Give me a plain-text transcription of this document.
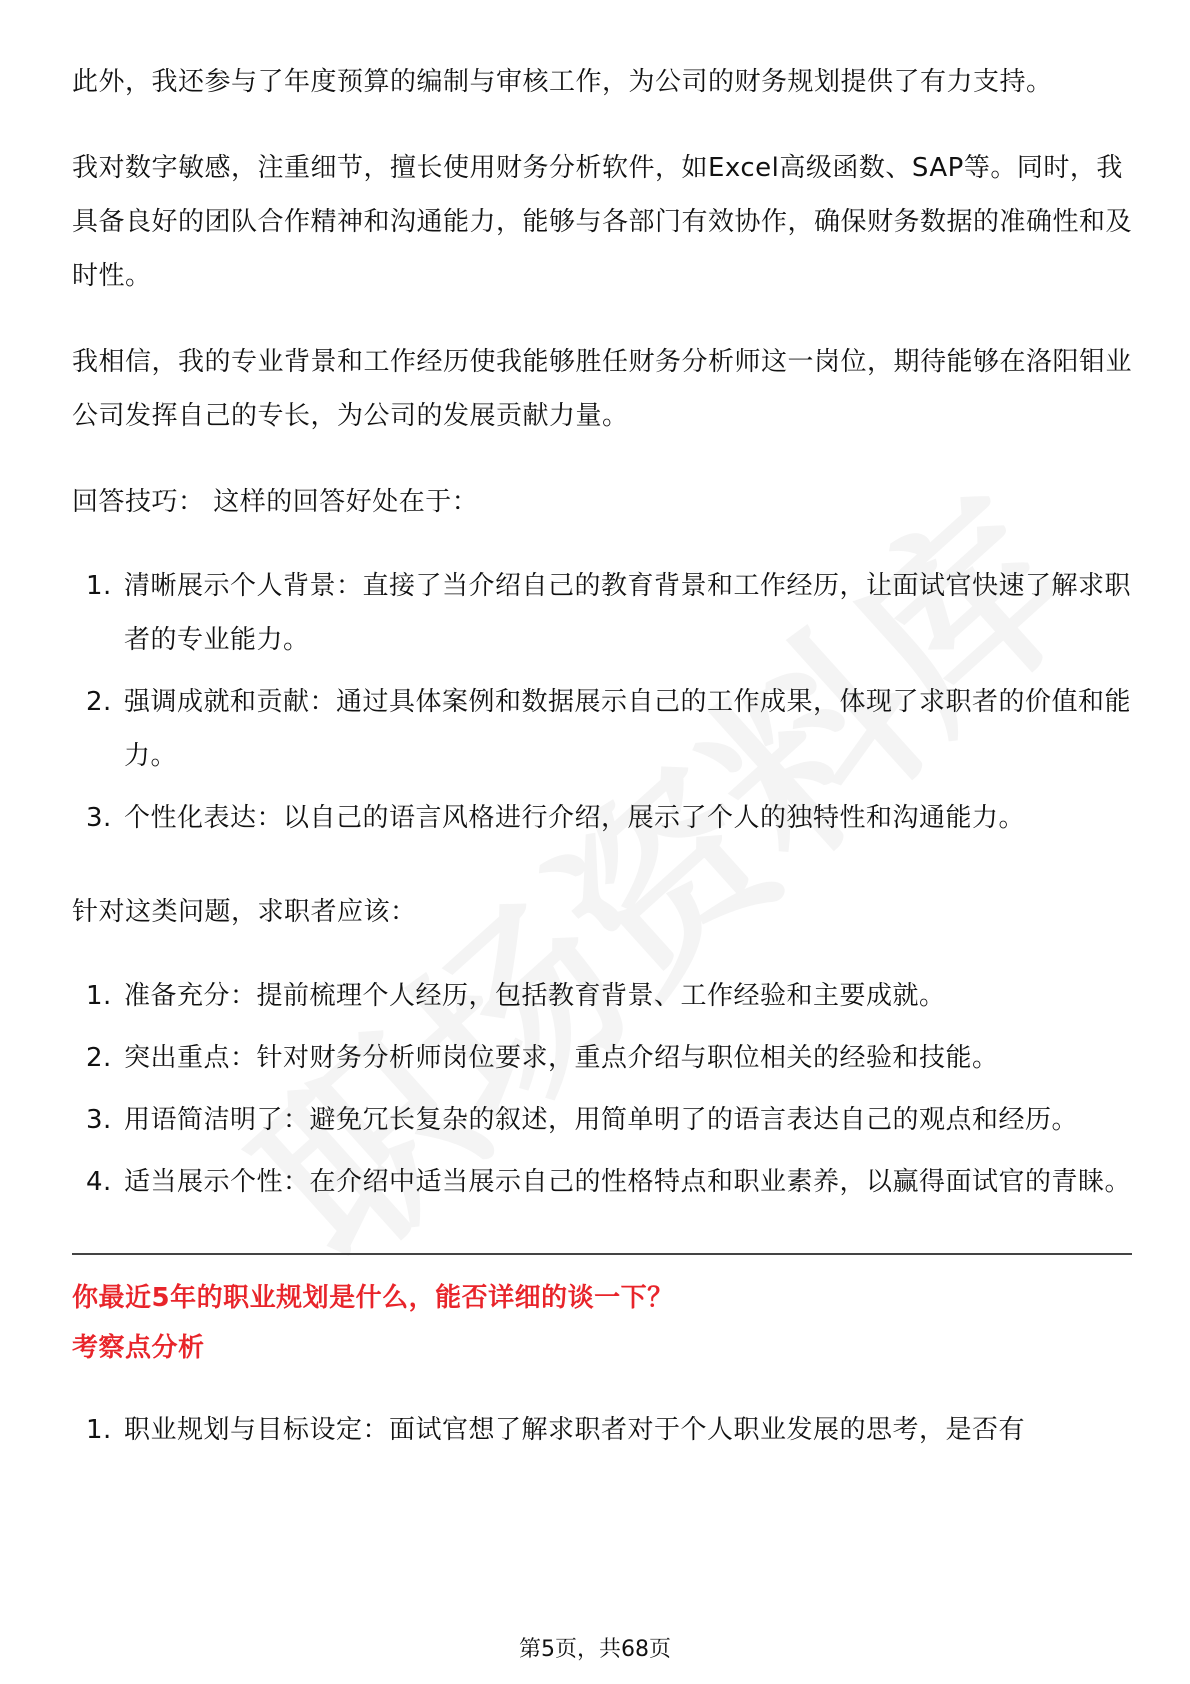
此外，我还参与了年度预算的编制与审核工作，为公司的财务规划提供了有力支持。

我对数字敏感，注重细节，擅长使用财务分析软件，如Excel高级函数、SAP等。同时，我具备良好的团队合作精神和沟通能力，能够与各部门有效协作，确保财务数据的准确性和及时性。

我相信，我的专业背景和工作经历使我能够胜任财务分析师这一岗位，期待能够在洛阳钼业公司发挥自己的专长，为公司的发展贡献力量。

回答技巧： 这样的回答好处在于：

1. 清晰展示个人背景：直接了当介绍自己的教育背景和工作经历，让面试官快速了解求职者的专业能力。
2. 强调成就和贡献：通过具体案例和数据展示自己的工作成果，体现了求职者的价值和能力。
3. 个性化表达：以自己的语言风格进行介绍，展示了个人的独特性和沟通能力。

针对这类问题，求职者应该：

1. 准备充分：提前梳理个人经历，包括教育背景、工作经验和主要成就。
2. 突出重点：针对财务分析师岗位要求，重点介绍与职位相关的经验和技能。
3. 用语简洁明了：避免冗长复杂的叙述，用简单明了的语言表达自己的观点和经历。
4. 适当展示个性：在介绍中适当展示自己的性格特点和职业素养，以赢得面试官的青睐。

你最近5年的职业规划是什么，能否详细的谈一下？

考察点分析

1. 职业规划与目标设定：面试官想了解求职者对于个人职业发展的思考，是否有
第5页，共68页
